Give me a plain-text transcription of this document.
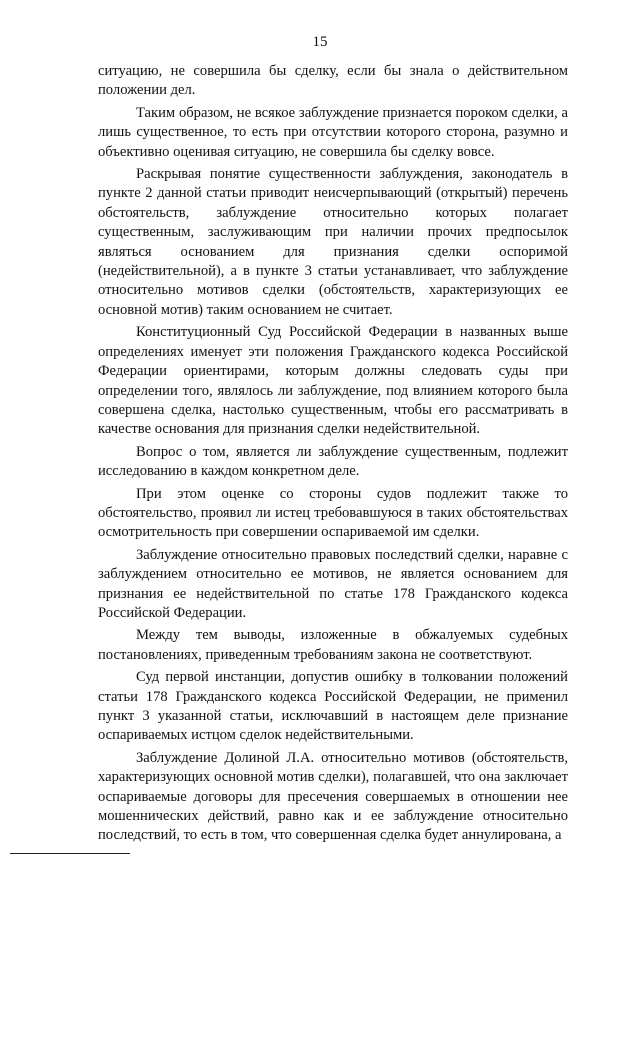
15

ситуацию, не совершила бы сделку, если бы знала о действительном положении дел.

Таким образом, не всякое заблуждение признается пороком сделки, а лишь существенное, то есть при отсутствии которого сторона, разумно и объективно оценивая ситуацию, не совершила бы сделку вовсе.

Раскрывая понятие существенности заблуждения, законодатель в пункте 2 данной статьи приводит неисчерпывающий (открытый) перечень обстоятельств, заблуждение относительно которых полагает существенным, заслуживающим при наличии прочих предпосылок являться основанием для признания сделки оспоримой (недействительной), а в пункте 3 статьи устанавливает, что заблуждение относительно мотивов сделки (обстоятельств, характеризующих ее основной мотив) таким основанием не считает.

Конституционный Суд Российской Федерации в названных выше определениях именует эти положения Гражданского кодекса Российской Федерации ориентирами, которым должны следовать суды при определении того, являлось ли заблуждение, под влиянием которого была совершена сделка, настолько существенным, чтобы его рассматривать в качестве основания для признания сделки недействительной.

Вопрос о том, является ли заблуждение существенным, подлежит исследованию в каждом конкретном деле.

При этом оценке со стороны судов подлежит также то обстоятельство, проявил ли истец требовавшуюся в таких обстоятельствах осмотрительность при совершении оспариваемой им сделки.

Заблуждение относительно правовых последствий сделки, наравне с заблуждением относительно ее мотивов, не является основанием для признания ее недействительной по статье 178 Гражданского кодекса Российской Федерации.

Между тем выводы, изложенные в обжалуемых судебных постановлениях, приведенным требованиям закона не соответствуют.

Суд первой инстанции, допустив ошибку в толковании положений статьи 178 Гражданского кодекса Российской Федерации, не применил пункт 3 указанной статьи, исключавший в настоящем деле признание оспариваемых истцом сделок недействительными.

Заблуждение Долиной Л.А. относительно мотивов (обстоятельств, характеризующих основной мотив сделки), полагавшей, что она заключает оспариваемые договоры для пресечения совершаемых в отношении нее мошеннических действий, равно как и ее заблуждение относительно последствий, то есть в том, что совершенная сделка будет аннулирована, а
